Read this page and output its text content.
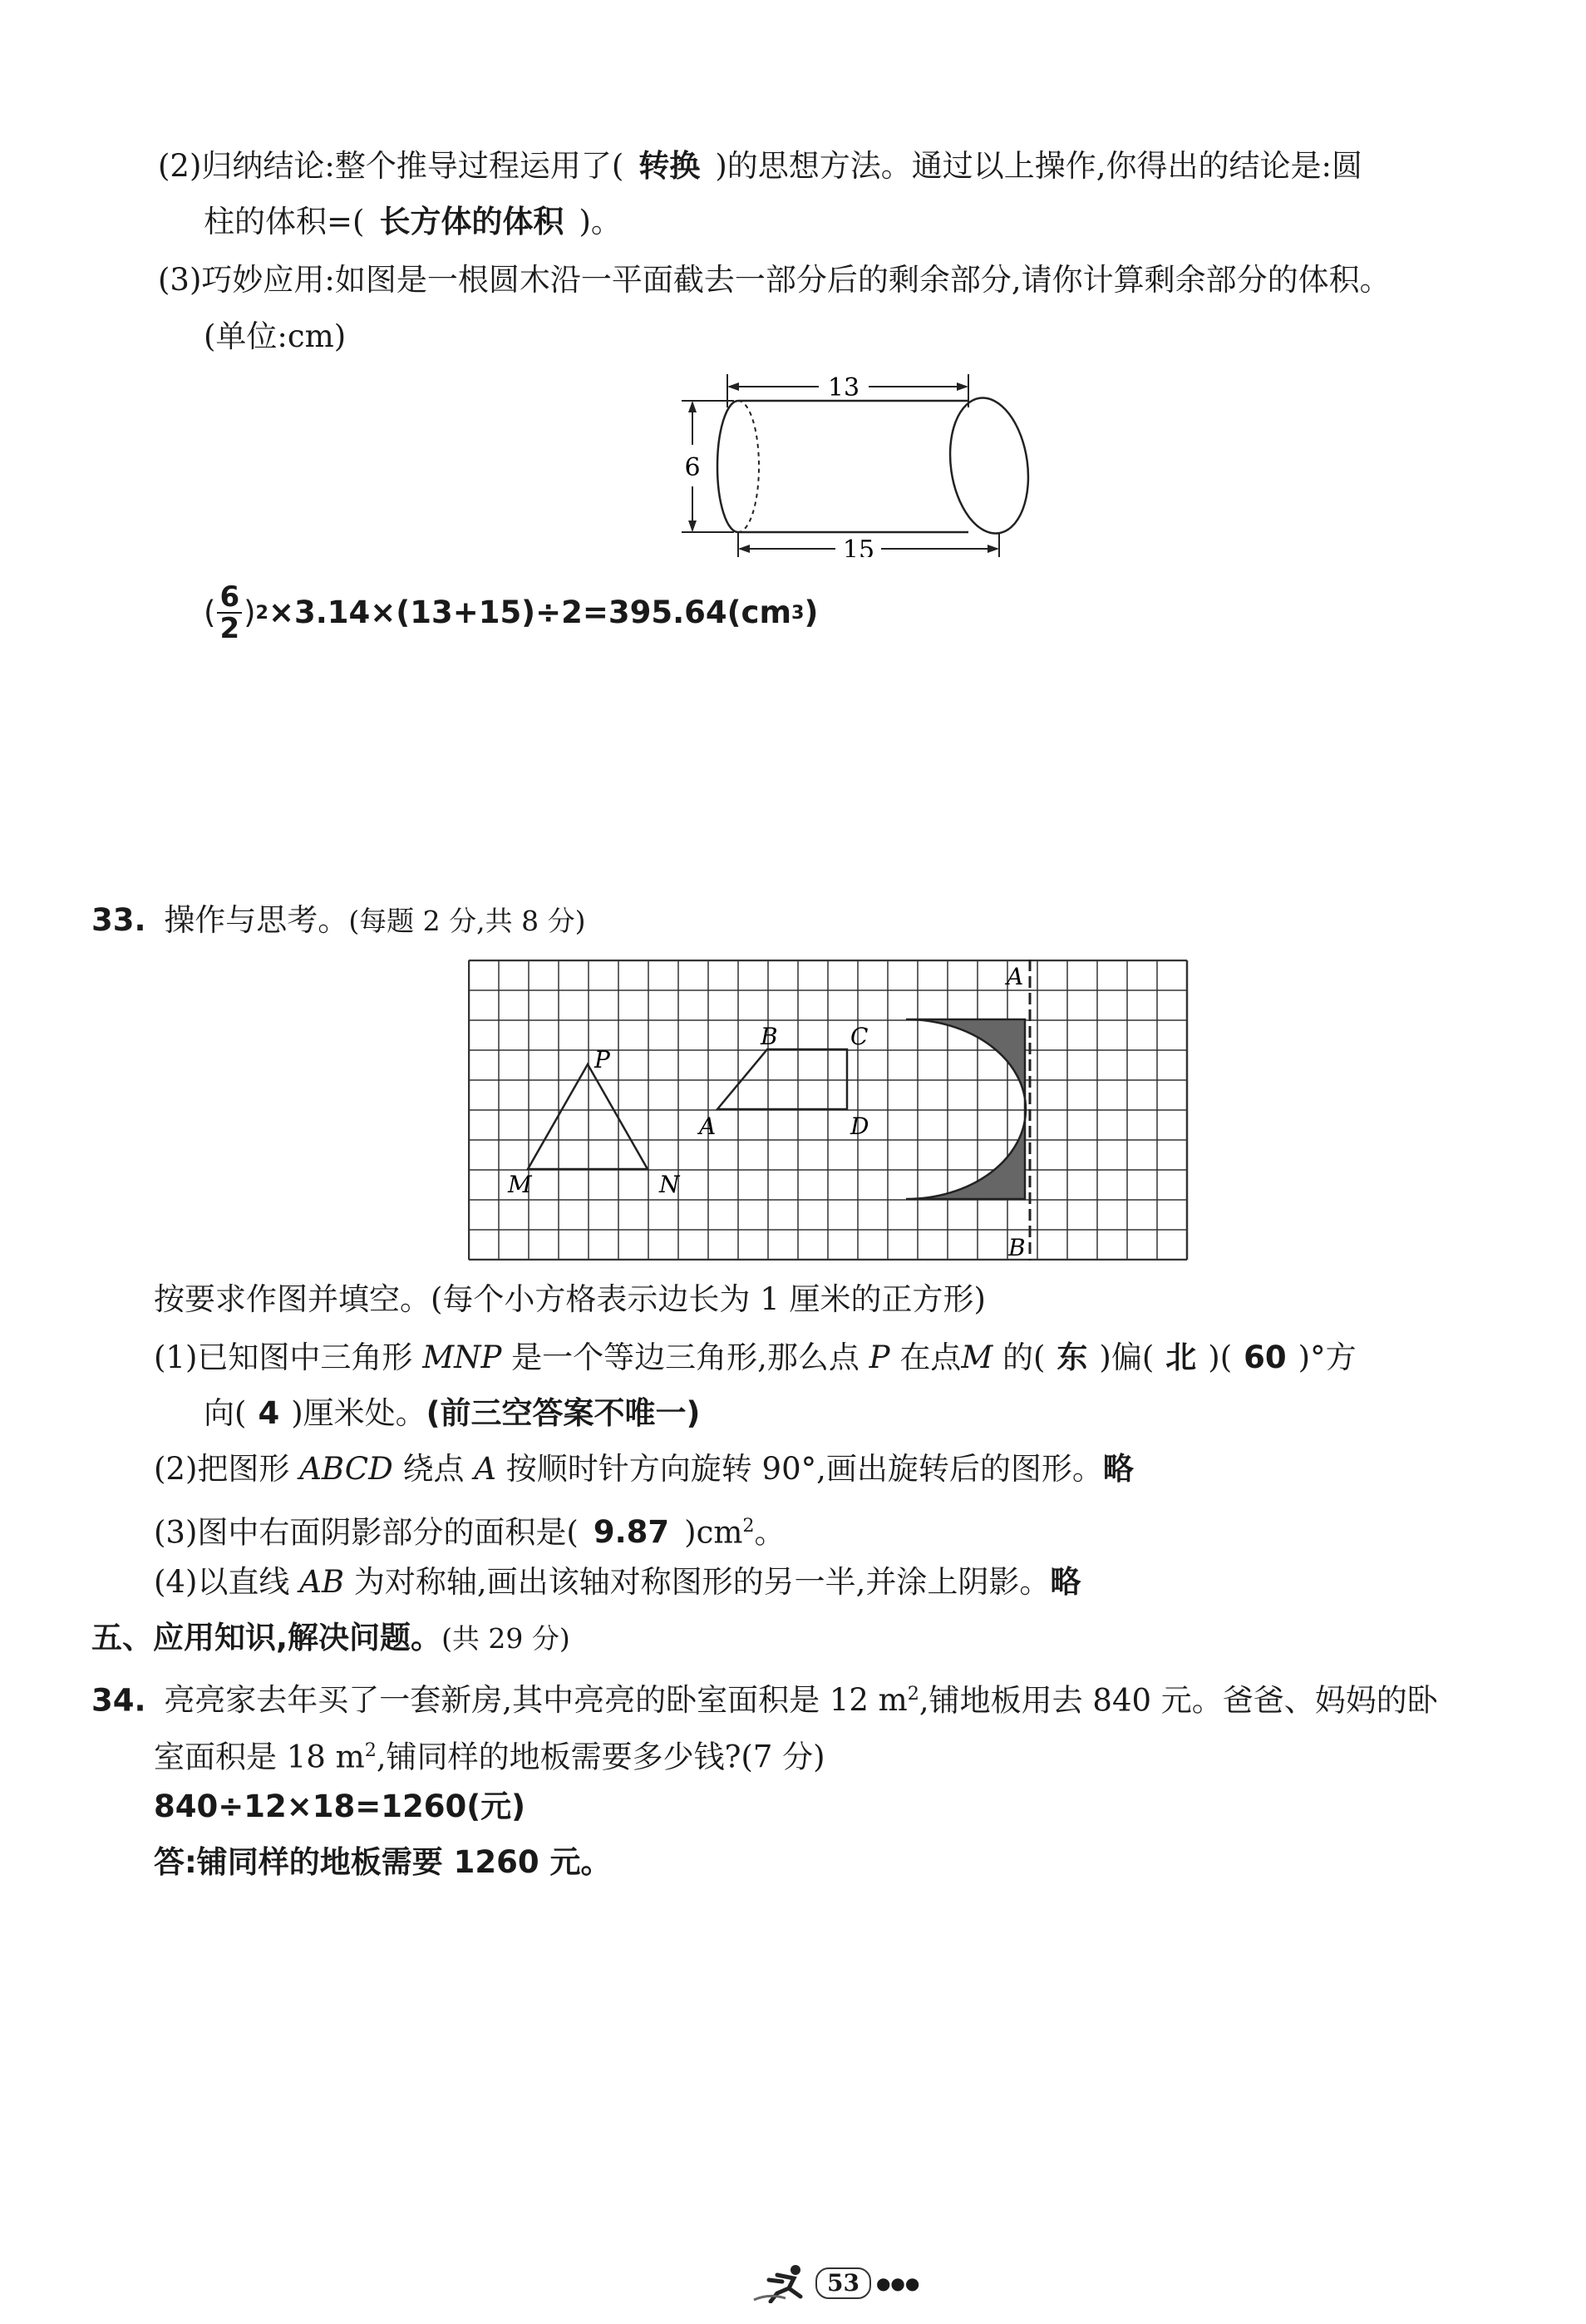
(2)归纳结论:整个推导过程运用了( 转换 )的思想方法。通过以上操作,你得出的结论是:圆
柱的体积=( 长方体的体积 )。
(3)巧妙应用:如图是一根圆木沿一平面截去一部分后的剩余部分,请你计算剩余部分的体积。
(单位:cm)
13
6
15
( 6
2 ) 2 ×3.14×(13+15)÷2=395.64(cm 3 )
33. 操作与思考。(每题 2 分,共 8 分)
P
M	N
B	C
A	D
A
B
按要求作图并填空。(每个小方格表示边长为 1 厘米的正方形)
(1)已知图中三角形 MNP 是一个等边三角形,那么点 P 在点M 的( 东 )偏( 北 )( 60 )°方
向( 4 )厘米处。(前三空答案不唯一)
(2)把图形 ABCD 绕点 A 按顺时针方向旋转 90°,画出旋转后的图形。略
(3)图中右面阴影部分的面积是( 9.87 )$cm^2$。
(4)以直线 AB 为对称轴,画出该轴对称图形的另一半,并涂上阴影。略
五、应用知识,解决问题。(共 29 分)
34. 亮亮家去年买了一套新房,其中亮亮的卧室面积是 12 $m^2$,铺地板用去 840 元。爸爸、妈妈的卧
室面积是 18 $m^2$,铺同样的地板需要多少钱?(7 分)
840÷12×18=1260(元)
答:铺同样的地板需要 1260 元。
53	●●●
